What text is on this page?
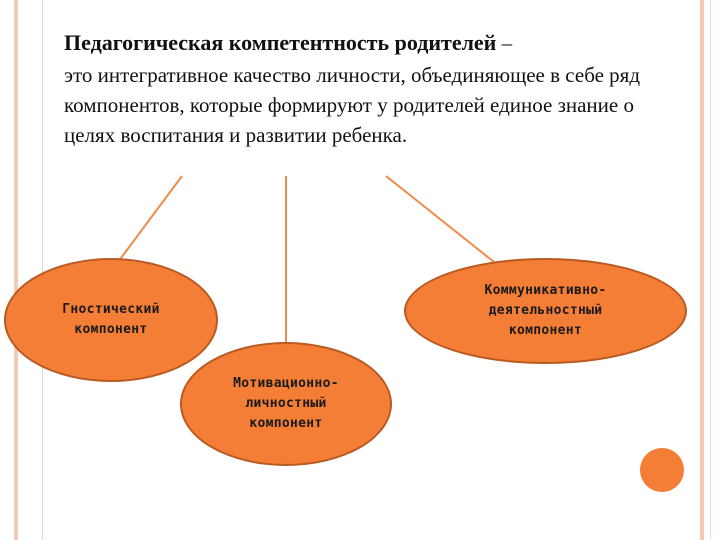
Педагогическая компетентность родителей –
это интегративное качество личности, объединяющее в себе ряд компонентов, которые формируют у родителей единое знание о целях воспитания и развитии ребенка.
Гностический
компонент
Коммуникативно-
деятельностный
компонент
Мотивационно-
личностный
компонент
